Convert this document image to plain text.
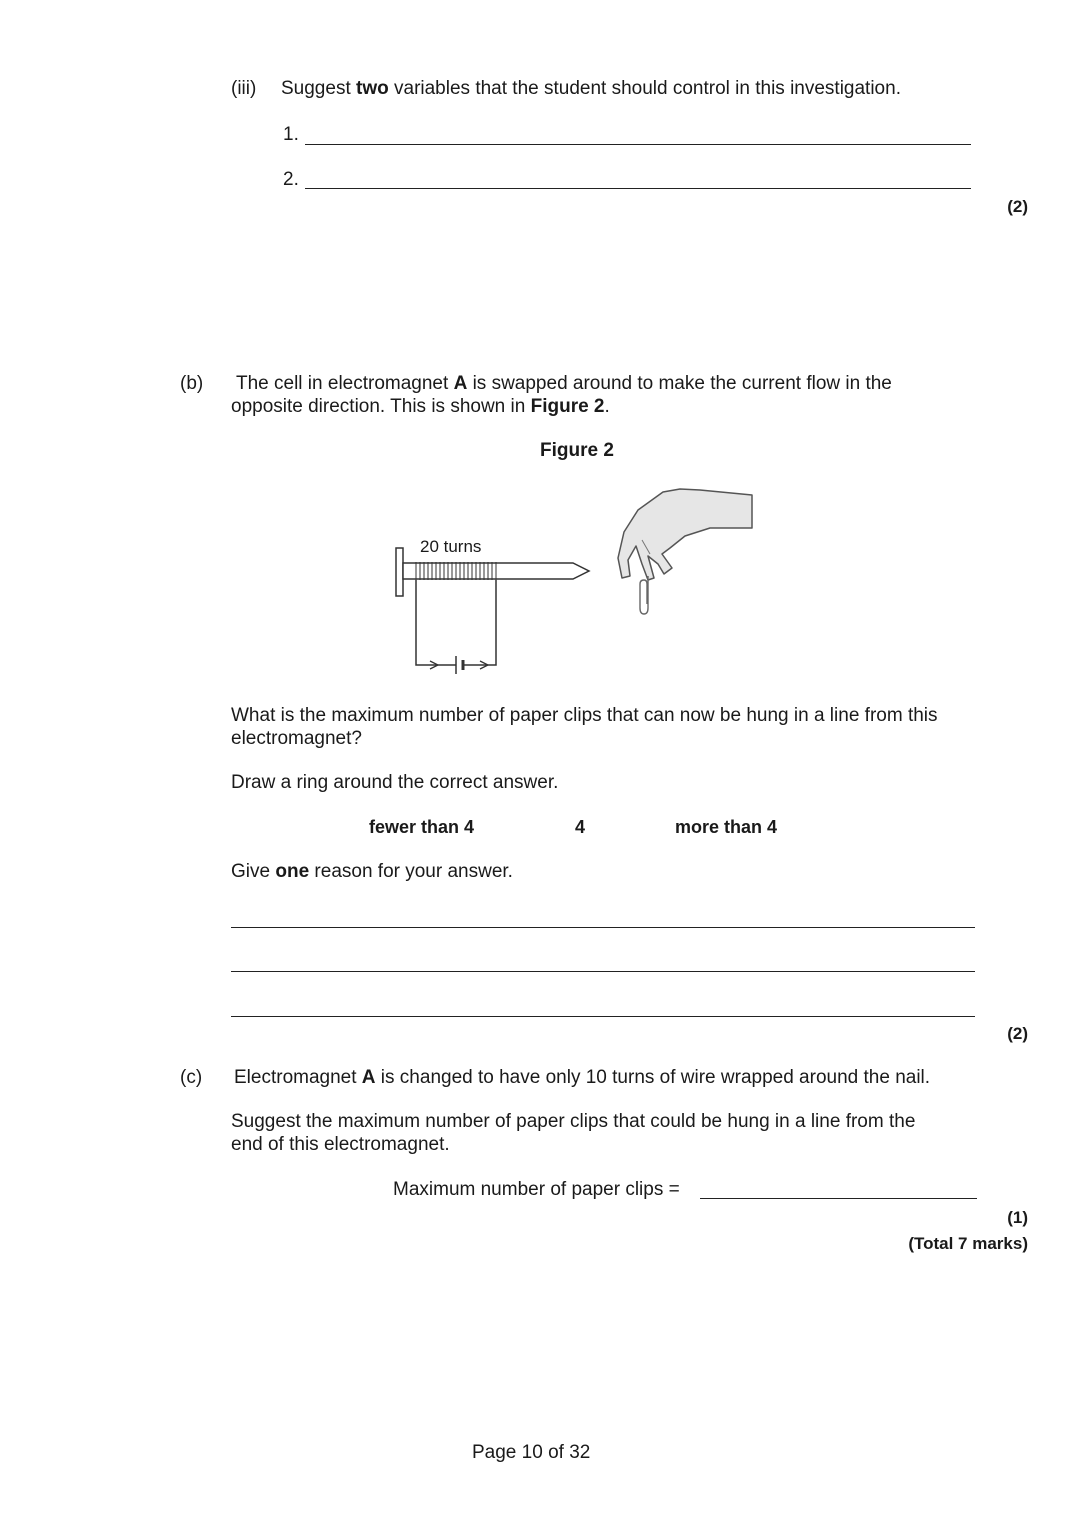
(iii) Suggest two variables that the student should control in this investigation.
1.
2.
(2)
(b) The cell in electromagnet A is swapped around to make the current flow in the
opposite direction. This is shown in Figure 2.
Figure 2
20 turns
What is the maximum number of paper clips that can now be hung in a line from this
electromagnet?
Draw a ring around the correct answer.
fewer than 4	4	more than 4
Give one reason for your answer.
(2)
(c) Electromagnet A is changed to have only 10 turns of wire wrapped around the nail.
Suggest the maximum number of paper clips that could be hung in a line from the
end of this electromagnet.
Maximum number of paper clips =
(1)
(Total 7 marks)
Page 10 of 32
